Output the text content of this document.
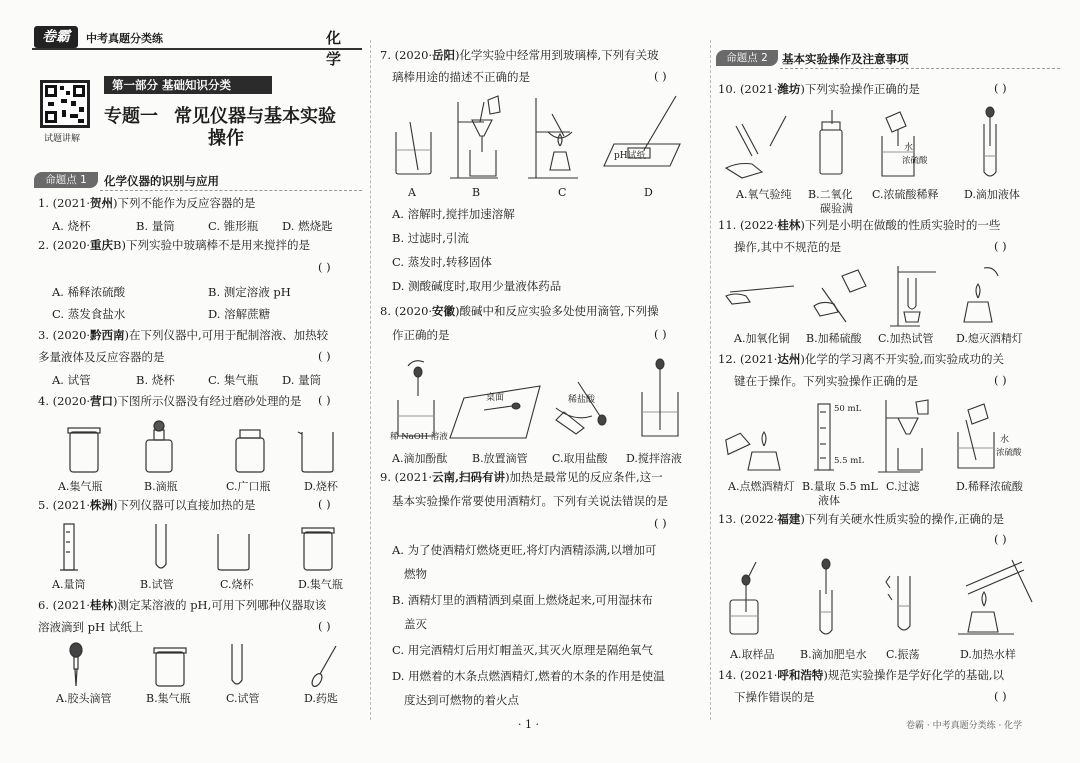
卷霸	中考真题分类练	化学
试题讲解
第一部分 基础知识分类
专题一 常见仪器与基本实验
操作
命题点 1	化学仪器的识别与应用
1. (2021·贺州)下列不能作为反应容器的是
A. 烧杯	B. 量筒	C. 锥形瓶 D. 燃烧匙
2. (2020·重庆B)下列实验中玻璃棒不是用来搅拌的是
( )
A. 稀释浓硫酸	B. 测定溶液 pH
C. 蒸发食盐水	D. 溶解蔗糖
3. (2020·黔西南)在下列仪器中,可用于配制溶液、加热较
多量液体及反应容器的是	( )
A. 试管	B. 烧杯	C. 集气瓶 D. 量筒
4. (2020·营口)下图所示仪器没有经过磨砂处理的是 ( )
A.集气瓶	B.滴瓶	C.广口瓶	D.烧杯
5. (2021·株洲)下列仪器可以直接加热的是	( )
A.量筒	B.试管	C.烧杯	D.集气瓶
6. (2021·桂林)测定某溶液的 pH,可用下列哪种仪器取该
溶液滴到 pH 试纸上	( )
A.胶头滴管	B.集气瓶	C.试管	D.药匙
7. (2020·岳阳)化学实验中经常用到玻璃棒,下列有关玻
璃棒用途的描述不正确的是	( )
pH试纸
A	B	C	D
A. 溶解时,搅拌加速溶解
B. 过滤时,引流
C. 蒸发时,转移固体
D. 测酸碱度时,取用少量液体药品
8. (2020·安徽)酸碱中和反应实验多处使用滴管,下列操
作正确的是	( )
稀 NaOH 溶液
桌面	稀盐酸
A.滴加酚酞 B.放置滴管 C.取用盐酸 D.搅拌溶液
9. (2021·云南,扫码有讲)加热是最常见的反应条件,这一
基本实验操作常要使用酒精灯。下列有关说法错误的是
( )
A. 为了使酒精灯燃烧更旺,将灯内酒精添满,以增加可
燃物
B. 酒精灯里的酒精洒到桌面上燃烧起来,可用湿抹布
盖灭
C. 用完酒精灯后用灯帽盖灭,其灭火原理是隔绝氧气
D. 用燃着的木条点燃酒精灯,燃着的木条的作用是使温
度达到可燃物的着火点
· 1 ·
命题点 2	基本实验操作及注意事项
10. (2021·潍坊)下列实验操作正确的是	( )
水
浓硫酸
A.氧气验纯 B.二氧化
碳验满
C.浓硫酸稀释 D.滴加液体
11. (2022·桂林)下列是小明在做酸的性质实验时的一些
操作,其中不规范的是	( )
A.加氧化铜 B.加稀硫酸 C.加热试管 D.熄灭酒精灯
12. (2021·达州)化学的学习离不开实验,而实验成功的关
键在于操作。下列实验操作正确的是	( )
50 mL
5.5 mL
水
浓硫酸
A.点燃酒精灯 B.量取 5.5 mL
液体
C.过滤	D.稀释浓硫酸
13. (2022·福建)下列有关硬水性质实验的操作,正确的是
( )
A.取样品 B.滴加肥皂水 C.振荡	D.加热水样
14. (2021·呼和浩特)规范实验操作是学好化学的基础,以
下操作错误的是	( )
卷霸 · 中考真题分类练 · 化学
